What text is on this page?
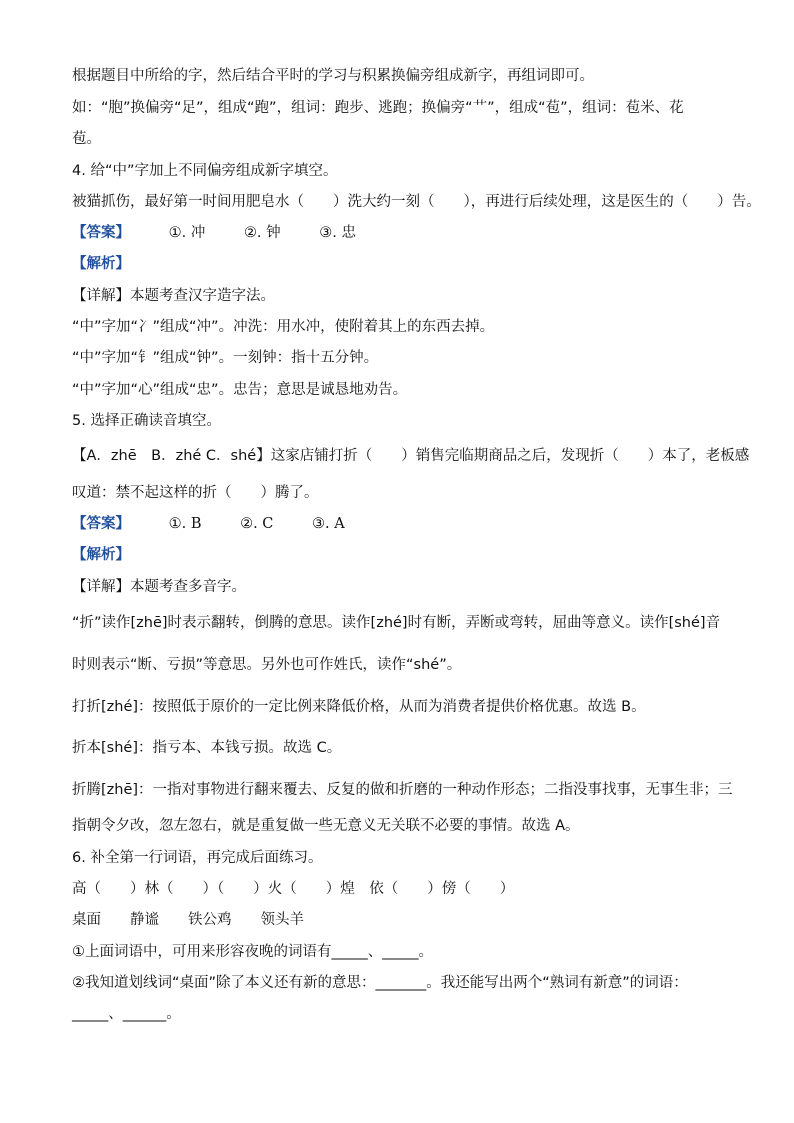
根据题目中所给的字，然后结合平时的学习与积累换偏旁组成新字，再组词即可。
如：“胞”换偏旁“足”，组成“跑”，组词：跑步、逃跑；换偏旁“艹”，组成“苞”，组词：苞米、花
苞。
4. 给“中”字加上不同偏旁组成新字填空。
被猫抓伤，最好第一时间用肥皂水（　　）洗大约一刻（　　），再进行后续处理，这是医生的（　　）告。
【答案】	①. 冲	②. 钟	③. 忠
【解析】
【详解】本题考查汉字造字法。
“中”字加“冫”组成“冲”。冲洗：用水冲，使附着其上的东西去掉。
“中”字加“钅”组成“钟”。一刻钟：指十五分钟。
“中”字加“心”组成“忠”。忠告；意思是诚恳地劝告。
5. 选择正确读音填空。
【A．zhē　B．zhé C．shé】这家店铺打折（　　）销售完临期商品之后，发现折（　　）本了，老板感
叹道：禁不起这样的折（　　）腾了。
【答案】	①. B	②. C	③. A
【解析】
【详解】本题考查多音字。
“折”读作[zhē]时表示翻转，倒腾的意思。读作[zhé]时有断，弄断或弯转，屈曲等意义。读作[shé]音
时则表示“断、亏损”等意思。另外也可作姓氏，读作“shé”。
打折[zhé]：按照低于原价的一定比例来降低价格，从而为消费者提供价格优惠。故选 B。
折本[shé]：指亏本、本钱亏损。故选 C。
折腾[zhē]：一指对事物进行翻来覆去、反复的做和折磨的一种动作形态；二指没事找事，无事生非；三
指朝令夕改，忽左忽右，就是重复做一些无意义无关联不必要的事情。故选 A。
6. 补全第一行词语，再完成后面练习。
高（　　）林（　　）（　　）火（　　）煌　依（　　）傍（　　）
桌面　　静谧　　铁公鸡　　领头羊
①上面词语中，可用来形容夜晚的词语有_____、_____。
②我知道划线词“桌面”除了本义还有新的意思：_______。我还能写出两个“熟词有新意”的词语：
_____、______。
